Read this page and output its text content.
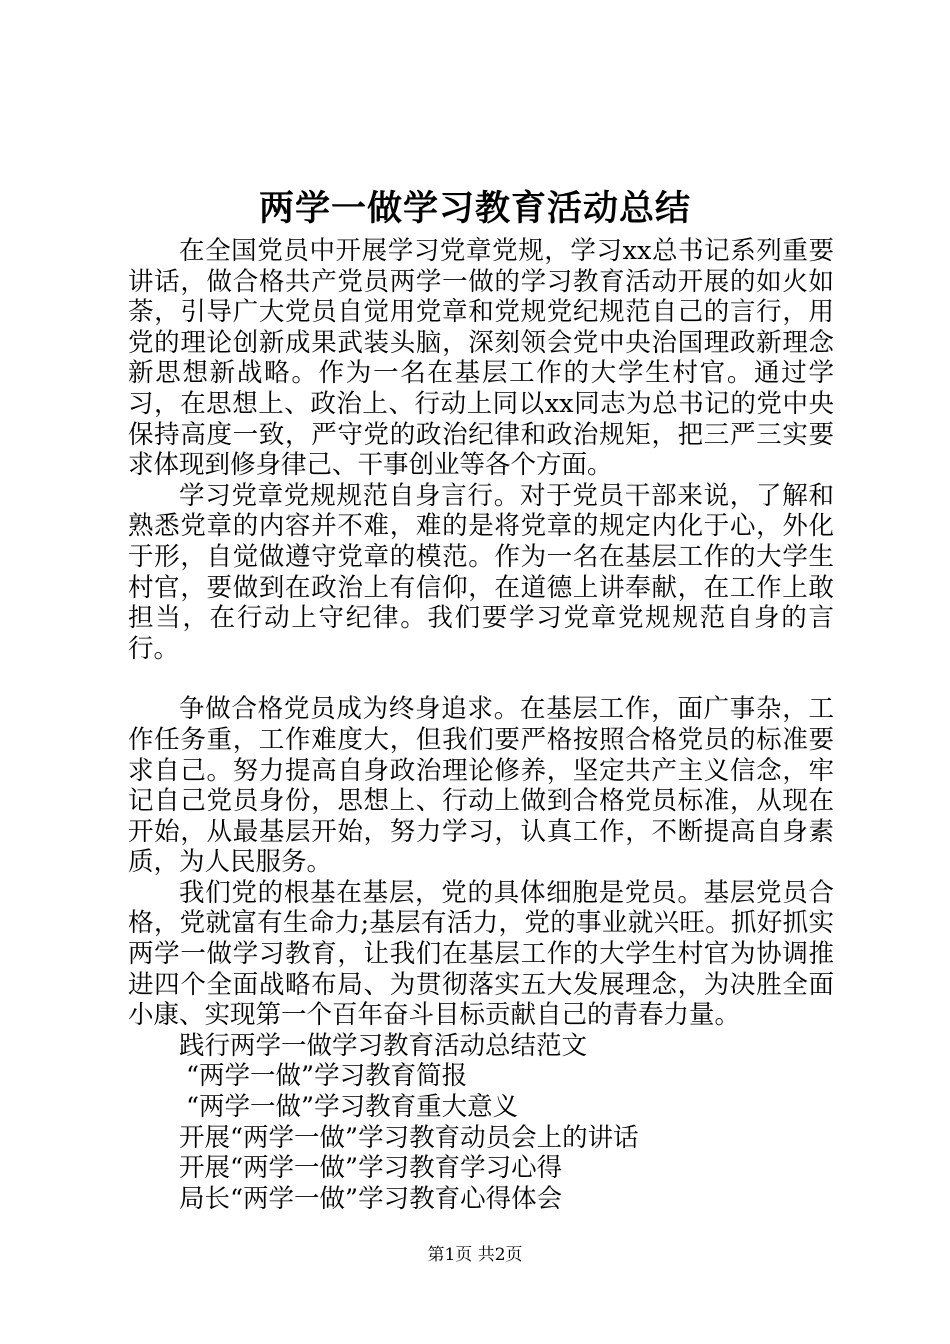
两学一做学习教育活动总结

在全国党员中开展学习党章党规，学习xx总书记系列重要讲话，做合格共产党员两学一做的学习教育活动开展的如火如荼，引导广大党员自觉用党章和党规党纪规范自己的言行，用党的理论创新成果武装头脑，深刻领会党中央治国理政新理念新思想新战略。作为一名在基层工作的大学生村官。通过学习，在思想上、政治上、行动上同以xx同志为总书记的党中央保持高度一致，严守党的政治纪律和政治规矩，把三严三实要求体现到修身律己、干事创业等各个方面。

学习党章党规规范自身言行。对于党员干部来说，了解和熟悉党章的内容并不难，难的是将党章的规定内化于心，外化于形，自觉做遵守党章的模范。作为一名在基层工作的大学生村官，要做到在政治上有信仰，在道德上讲奉献，在工作上敢担当，在行动上守纪律。我们要学习党章党规规范自身的言行。

争做合格党员成为终身追求。在基层工作，面广事杂，工作任务重，工作难度大，但我们要严格按照合格党员的标准要求自己。努力提高自身政治理论修养，坚定共产主义信念，牢记自己党员身份，思想上、行动上做到合格党员标准，从现在开始，从最基层开始，努力学习，认真工作，不断提高自身素质，为人民服务。

我们党的根基在基层，党的具体细胞是党员。基层党员合格，党就富有生命力;基层有活力，党的事业就兴旺。抓好抓实两学一做学习教育，让我们在基层工作的大学生村官为协调推进四个全面战略布局、为贯彻落实五大发展理念，为决胜全面小康、实现第一个百年奋斗目标贡献自己的青春力量。

践行两学一做学习教育活动总结范文
“两学一做”学习教育简报
“两学一做”学习教育重大意义
开展“两学一做”学习教育动员会上的讲话
开展“两学一做”学习教育学习心得
局长“两学一做”学习教育心得体会
第1页 共2页
